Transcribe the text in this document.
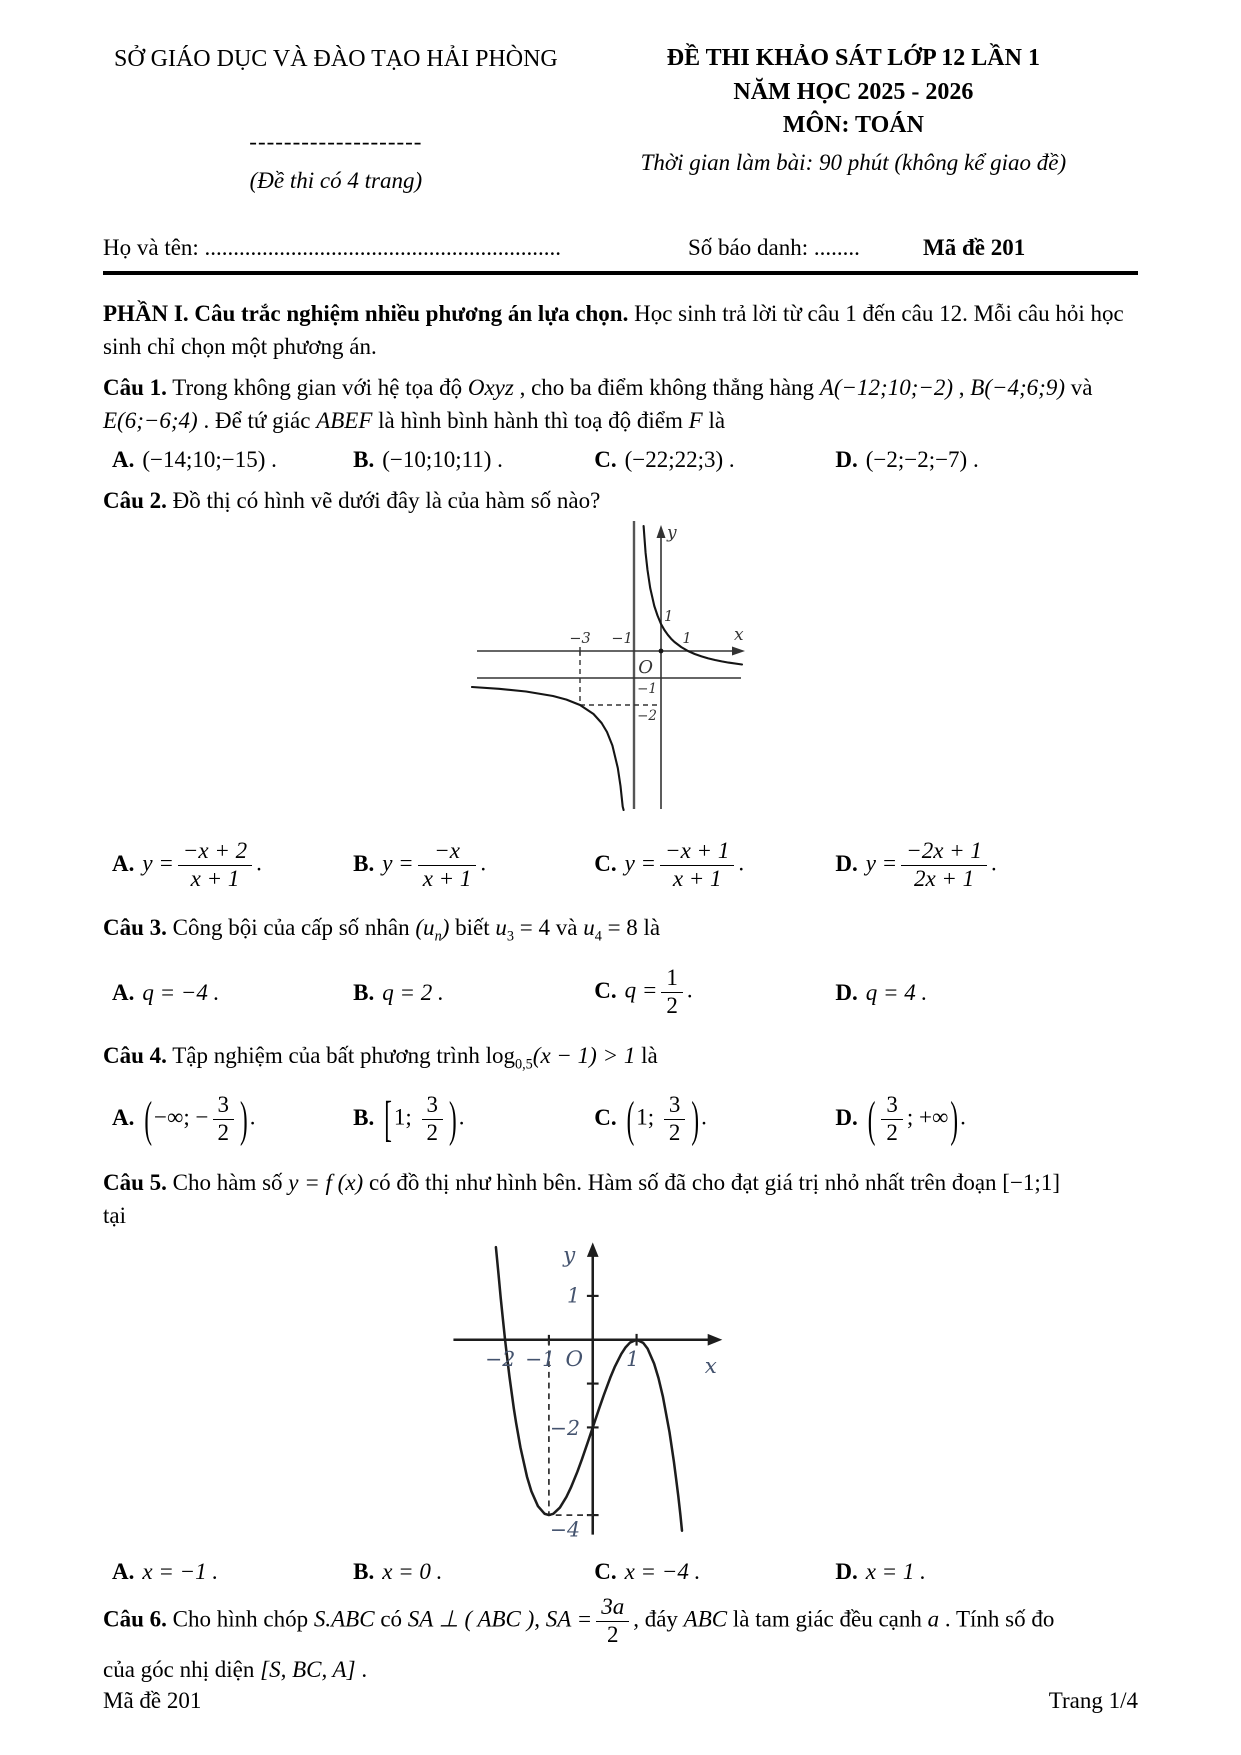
SỞ GIÁO DỤC VÀ ĐÀO TẠO HẢI PHÒNG
--------------------
(Đề thi có 4 trang)
ĐỀ THI KHẢO SÁT LỚP 12 LẦN 1
NĂM HỌC 2025 - 2026
MÔN: TOÁN
Thời gian làm bài: 90 phút (không kể giao đề)
Họ và tên: ..............................................................	Số báo danh: ........	Mã đề 201

PHẦN I. Câu trắc nghiệm nhiều phương án lựa chọn. Học sinh trả lời từ câu 1 đến câu 12. Mỗi câu hỏi học sinh chỉ chọn một phương án.

Câu 1. Trong không gian với hệ tọa độ Oxyz , cho ba điểm không thẳng hàng A(−12;10;−2) , B(−4;6;9) và E(6;−6;4) . Để tứ giác ABEF là hình bình hành thì toạ độ điểm F là

A. (−14;10;−15) .	B. (−10;10;11) .	C. (−22;22;3) .	D. (−2;−2;−7) .

Câu 2. Đồ thị có hình vẽ dưới đây là của hàm số nào?

−3 −1	1
1
−1
−2
O
x
y
A. $y = \frac{-x + 2}{x + 1}$ .	B. $y = \frac{-x}{x + 1}$ .	C. $y = \frac{-x + 1}{x + 1}$ .	D. $y = \frac{-2x + 1}{2x + 1}$ .

Câu 3. Công bội của cấp số nhân $(u_n)$ biết $u_3 = 4$ và $u_4 = 8$ là

A. q = −4 .	B. q = 2 .	C. $q = \frac{1}{2}$ .	D. q = 4 .

Câu 4. Tập nghiệm của bất phương trình $\log_{0,5}(x - 1) > 1$ là

A. (−∞; − $\frac{3}{2}$ ).	B. [1; $\frac{3}{2}$ ).	C. (1; $\frac{3}{2}$ ).	D. ( $\frac{3}{2}$ ; +∞).

Câu 5. Cho hàm số y = f (x) có đồ thị như hình bên. Hàm số đã cho đạt giá trị nhỏ nhất trên đoạn [−1;1]
tại

−2 −1	1
1
−2
−4
O	x
y
A. x = −1 .	B. x = 0 .	C. x = −4 .	D. x = 1 .

Câu 6. Cho hình chóp S.ABC có SA ⊥ ( ABC ), SA = $\frac{3a}{2}$ , đáy ABC là tam giác đều cạnh a . Tính số đo
của góc nhị diện [S, BC, A] .

Mã đề 201	Trang 1/4
